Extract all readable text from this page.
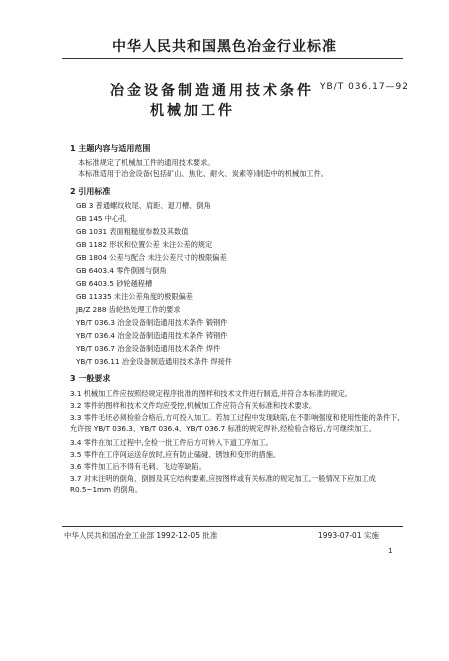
中华人民共和国黑色冶金行业标准
冶金设备制造通用技术条件 YB/T 036.17—92
机械加工件
1 主题内容与适用范围
本标准规定了机械加工件的通用技术要求。
本标准适用于冶金设备(包括矿山、焦化、耐火、炭素等)制造中的机械加工件。
2 引用标准
GB 3 普通螺纹收尾、肩距、退刀槽、倒角
GB 145 中心孔
GB 1031 表面粗糙度参数及其数值
GB 1182 形状和位置公差 未注公差的规定
GB 1804 公差与配合 未注公差尺寸的极限偏差
GB 6403.4 零件倒圆与倒角
GB 6403.5 砂轮越程槽
GB 11335 未注公差角度的极限偏差
JB/Z 288 齿轮热处理工作的要求
YB/T 036.3 冶金设备制造通用技术条件 锻钢件
YB/T 036.4 冶金设备制造通用技术条件 铸钢件
YB/T 036.7 冶金设备制造通用技术条件 焊件
YB/T 036.11 冶金设备制造通用技术条件 焊接件
3 一般要求
3.1 机械加工件应按照经规定程序批准的图样和技术文件进行制造,并符合本标准的规定。
3.2 零件的图样和技术文件均应受控,机械加工件应符合有关标准和技术要求。
3.3 零件毛坯必须检验合格后,方可投入加工。若加工过程中发现缺陷,在不影响强度和使用性能的条件下,允许按 YB/T 036.3、YB/T 036.4、YB/T 036.7 标准的规定焊补,经检验合格后,方可继续加工。
3.4 零件在加工过程中,全检一批工件后方可转入下道工序加工。
3.5 零件在工序间运送存放时,应有防止磕碰、锈蚀和变形的措施。
3.6 零件加工后不得有毛刺、飞边等缺陷。
3.7 对未注明的倒角、倒圆及其它结构要素,应按图样或有关标准的规定加工,一般情况下应加工成 R0.5~1mm 的倒角。
中华人民共和国冶金工业部 1992-12-05 批准	1993-07-01 实施
1
